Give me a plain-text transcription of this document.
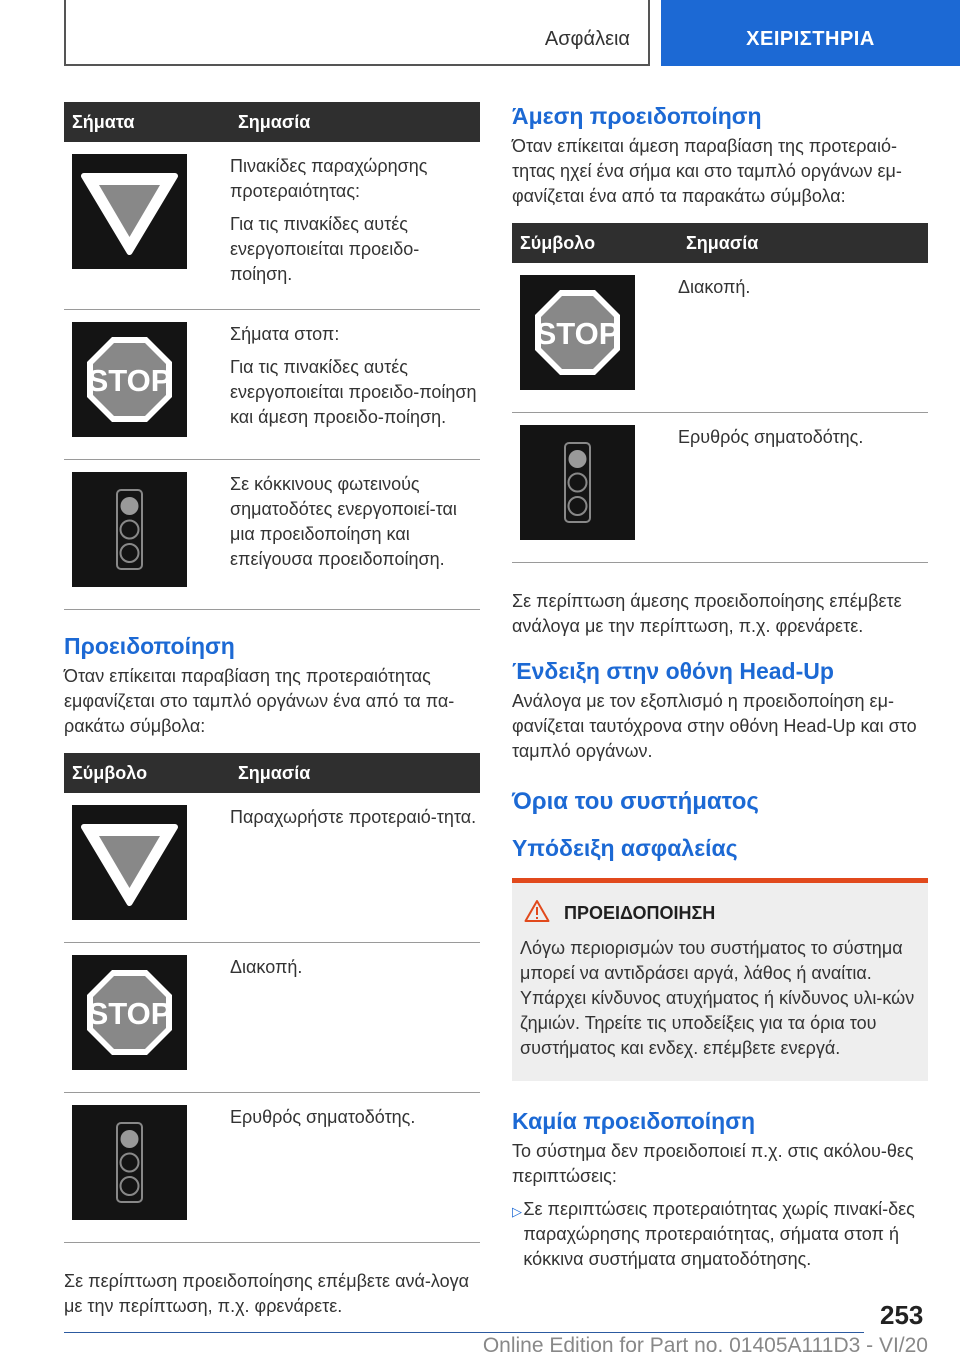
Ασφάλεια	ΧΕΙΡΙΣΤΗΡΙΑ
Σήματα	Σημασία

Πινακίδες παραχώρησης προτεραιότητας:

Για τις πινακίδες αυτές ενεργοποιείται προειδο-ποίηση.

STOP	Σήματα στοπ:

Για τις πινακίδες αυτές ενεργοποιείται προειδο-ποίηση και άμεση προειδο-ποίηση.

Σε κόκκινους φωτεινούς σηματοδότες ενεργοποιεί-ται μια προειδοποίηση και επείγουσα προειδοποίηση.

Προειδοποίηση

Όταν επίκειται παραβίαση της προτεραιότητας εμφανίζεται στο ταμπλό οργάνων ένα από τα πα-ρακάτω σύμβολα:

Σύμβολο	Σημασία

Παραχωρήστε προτεραιό-τητα.

STOP	Διακοπή.

Ερυθρός σηματοδότης.

Σε περίπτωση προειδοποίησης επέμβετε ανά-λογα με την περίπτωση, π.χ. φρενάρετε.

Άμεση προειδοποίηση

Όταν επίκειται άμεση παραβίαση της προτεραιό-τητας ηχεί ένα σήμα και στο ταμπλό οργάνων εμ-φανίζεται ένα από τα παρακάτω σύμβολα:

Σύμβολο	Σημασία

STOP	Διακοπή.

Ερυθρός σηματοδότης.

Σε περίπτωση άμεσης προειδοποίησης επέμβετε ανάλογα με την περίπτωση, π.χ. φρενάρετε.

Ένδειξη στην οθόνη Head-Up

Ανάλογα με τον εξοπλισμό η προειδοποίηση εμ-φανίζεται ταυτόχρονα στην οθόνη Head-Up και στο ταμπλό οργάνων.

Όρια του συστήματος
Υπόδειξη ασφαλείας
ΠΡΟΕΙΔΟΠΟΙΗΣΗ

Λόγω περιορισμών του συστήματος το σύστημα μπορεί να αντιδράσει αργά, λάθος ή αναίτια. Υπάρχει κίνδυνος ατυχήματος ή κίνδυνος υλι-κών ζημιών. Τηρείτε τις υποδείξεις για τα όρια του συστήματος και ενδεχ. επέμβετε ενεργά.

Καμία προειδοποίηση

Το σύστημα δεν προειδοποιεί π.χ. στις ακόλου-θες περιπτώσεις:

▷ Σε περιπτώσεις προτεραιότητας χωρίς πινακί-δες παραχώρησης προτεραιότητας, σήματα στοπ ή κόκκινα συστήματα σηματοδότησης.
253
Online Edition for Part no. 01405A111D3 - VI/20
